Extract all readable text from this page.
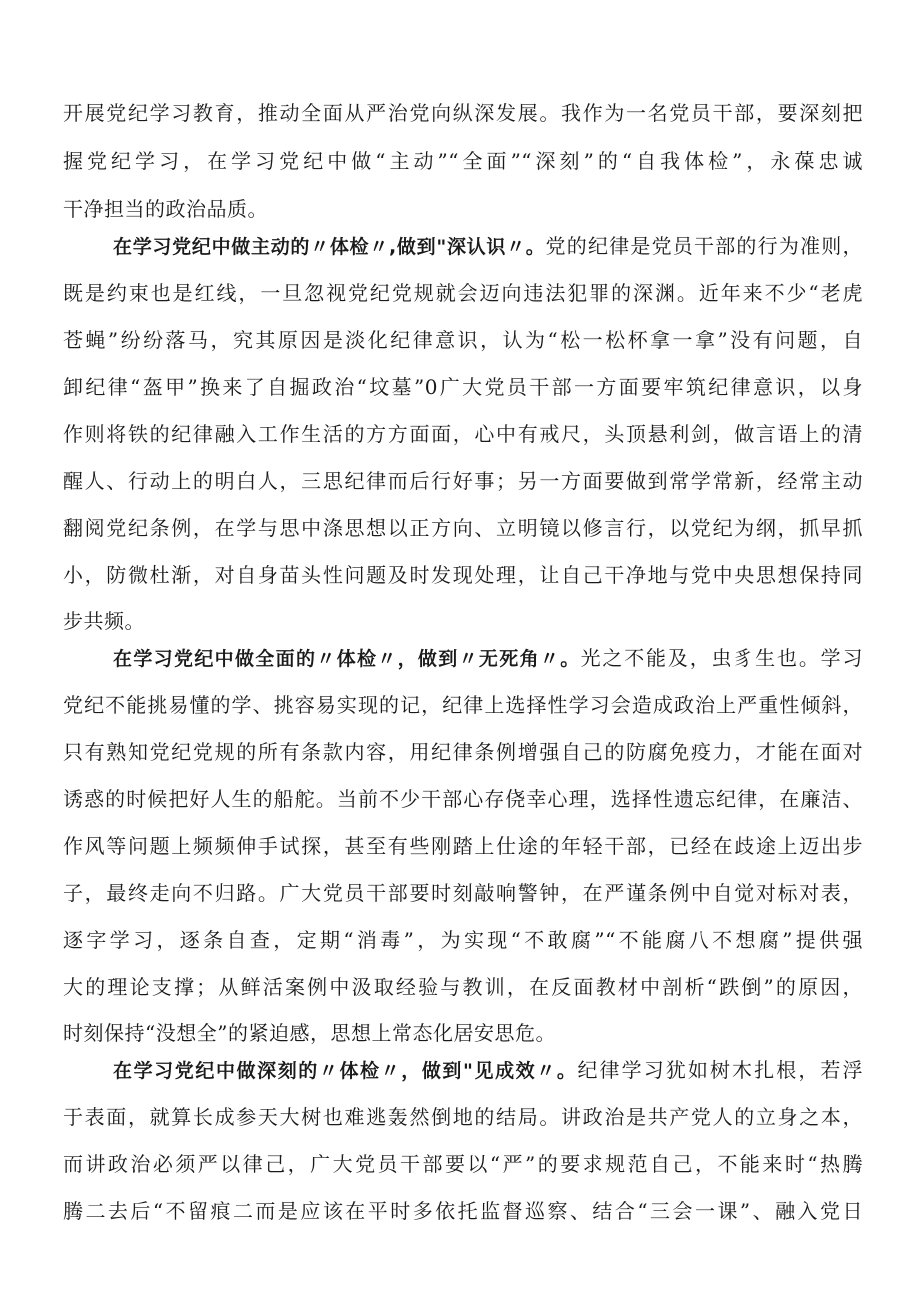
开展党纪学习教育，推动全面从严治党向纵深发展。我作为一名党员干部，要深刻把
握党纪学习，在学习党纪中做“主动”“全面”“深刻”的“自我体检”，永葆忠诚
干净担当的政治品质。
在学习党纪中做主动的〃体检〃,做到"深认识〃。党的纪律是党员干部的行为准则，
既是约束也是红线，一旦忽视党纪党规就会迈向违法犯罪的深渊。近年来不少“老虎
苍蝇”纷纷落马，究其原因是淡化纪律意识，认为“松一松杯拿一拿”没有问题，自
卸纪律“盔甲”换来了自掘政治“坟墓”0广大党员干部一方面要牢筑纪律意识，以身
作则将铁的纪律融入工作生活的方方面面，心中有戒尺，头顶悬利剑，做言语上的清
醒人、行动上的明白人，三思纪律而后行好事；另一方面要做到常学常新，经常主动
翻阅党纪条例，在学与思中涤思想以正方向、立明镜以修言行，以党纪为纲，抓早抓
小，防微杜渐，对自身苗头性问题及时发现处理，让自己干净地与党中央思想保持同
步共频。
在学习党纪中做全面的〃体检〃，做到〃无死角〃。光之不能及，虫豸生也。学习
党纪不能挑易懂的学、挑容易实现的记，纪律上选择性学习会造成政治上严重性倾斜，
只有熟知党纪党规的所有条款内容，用纪律条例增强自己的防腐免疫力，才能在面对
诱惑的时候把好人生的船舵。当前不少干部心存侥幸心理，选择性遗忘纪律，在廉洁、
作风等问题上频频伸手试探，甚至有些刚踏上仕途的年轻干部，已经在歧途上迈出步
子，最终走向不归路。广大党员干部要时刻敲响警钟，在严谨条例中自觉对标对表，
逐字学习，逐条自查，定期“消毒”，为实现“不敢腐”“不能腐八不想腐”提供强
大的理论支撑；从鲜活案例中汲取经验与教训，在反面教材中剖析“跌倒”的原因，
时刻保持“没想全”的紧迫感，思想上常态化居安思危。
在学习党纪中做深刻的〃体检〃，做到"见成效〃。纪律学习犹如树木扎根，若浮
于表面，就算长成参天大树也难逃轰然倒地的结局。讲政治是共产党人的立身之本，
而讲政治必须严以律己，广大党员干部要以“严”的要求规范自己，不能来时“热腾
腾二去后“不留痕二而是应该在平时多依托监督巡察、结合“三会一课”、融入党日
